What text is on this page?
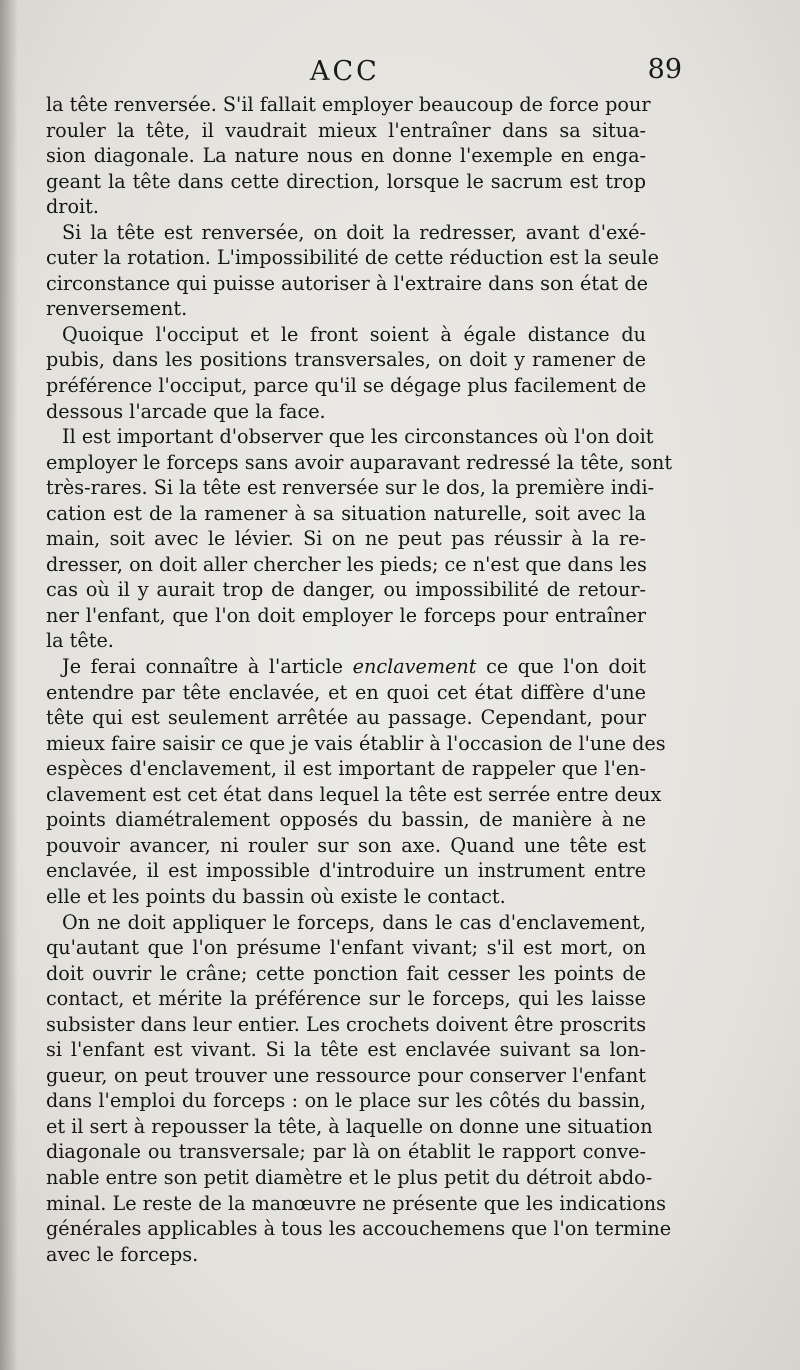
ACC	89
la tête renversée. S'il fallait employer beaucoup de force pour
rouler la tête, il vaudrait mieux l'entraîner dans sa situa-
sion diagonale. La nature nous en donne l'exemple en enga-
geant la tête dans cette direction, lorsque le sacrum est trop
droit.
Si la tête est renversée, on doit la redresser, avant d'exé-
cuter la rotation. L'impossibilité de cette réduction est la seule
circonstance qui puisse autoriser à l'extraire dans son état de
renversement.
Quoique l'occiput et le front soient à égale distance du
pubis, dans les positions transversales, on doit y ramener de
préférence l'occiput, parce qu'il se dégage plus facilement de
dessous l'arcade que la face.
Il est important d'observer que les circonstances où l'on doit
employer le forceps sans avoir auparavant redressé la tête, sont
très-rares. Si la tête est renversée sur le dos, la première indi-
cation est de la ramener à sa situation naturelle, soit avec la
main, soit avec le lévier. Si on ne peut pas réussir à la re-
dresser, on doit aller chercher les pieds; ce n'est que dans les
cas où il y aurait trop de danger, ou impossibilité de retour-
ner l'enfant, que l'on doit employer le forceps pour entraîner
la tête.
Je ferai connaître à l'article enclavement ce que l'on doit
entendre par tête enclavée, et en quoi cet état diffère d'une
tête qui est seulement arrêtée au passage. Cependant, pour
mieux faire saisir ce que je vais établir à l'occasion de l'une des
espèces d'enclavement, il est important de rappeler que l'en-
clavement est cet état dans lequel la tête est serrée entre deux
points diamétralement opposés du bassin, de manière à ne
pouvoir avancer, ni rouler sur son axe. Quand une tête est
enclavée, il est impossible d'introduire un instrument entre
elle et les points du bassin où existe le contact.
On ne doit appliquer le forceps, dans le cas d'enclavement,
qu'autant que l'on présume l'enfant vivant; s'il est mort, on
doit ouvrir le crâne; cette ponction fait cesser les points de
contact, et mérite la préférence sur le forceps, qui les laisse
subsister dans leur entier. Les crochets doivent être proscrits
si l'enfant est vivant. Si la tête est enclavée suivant sa lon-
gueur, on peut trouver une ressource pour conserver l'enfant
dans l'emploi du forceps : on le place sur les côtés du bassin,
et il sert à repousser la tête, à laquelle on donne une situation
diagonale ou transversale; par là on établit le rapport conve-
nable entre son petit diamètre et le plus petit du détroit abdo-
minal. Le reste de la manœuvre ne présente que les indications
générales applicables à tous les accouchemens que l'on termine
avec le forceps.
